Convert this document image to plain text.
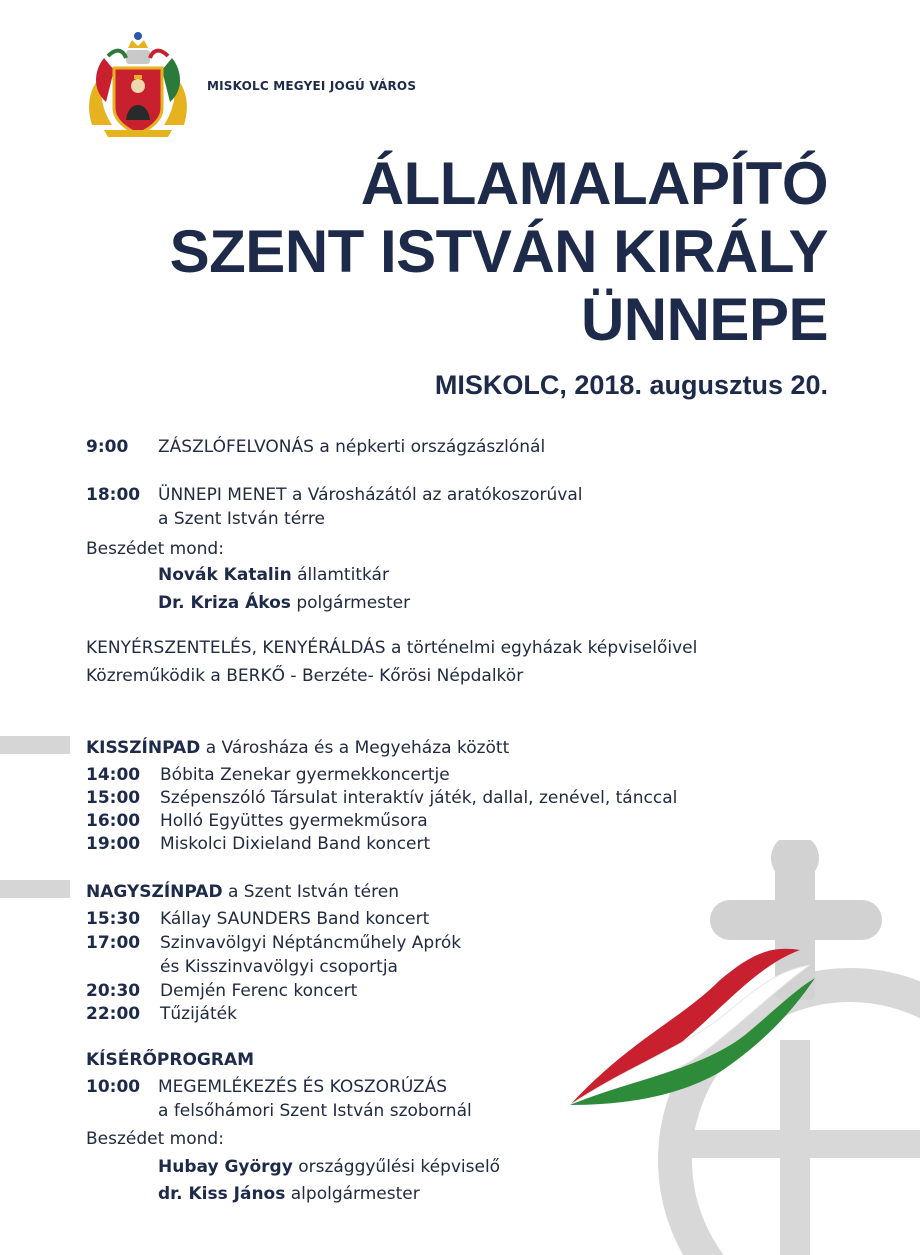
MISKOLC MEGYEI JOGÚ VÁROS
ÁLLAMALAPÍTÓ
SZENT ISTVÁN KIRÁLY
ÜNNEPE
MISKOLC, 2018. augusztus 20.
9:00 ZÁSZLÓFELVONÁS a népkerti országzászlónál
18:00 ÜNNEPI MENET a Városházától az aratókoszorúval
a Szent István térre
Beszédet mond:
Novák Katalin államtitkár
Dr. Kriza Ákos polgármester
KENYÉRSZENTELÉS, KENYÉRÁLDÁS a történelmi egyházak képviselőivel
Közreműködik a BERKŐ - Berzéte- Kőrösi Népdalkör
KISSZÍNPAD a Városháza és a Megyeháza között
14:00 Bóbita Zenekar gyermekkoncertje
15:00 Szépenszóló Társulat interaktív játék, dallal, zenével, tánccal
16:00 Holló Együttes gyermekműsora
19:00 Miskolci Dixieland Band koncert
NAGYSZÍNPAD a Szent István téren
15:30 Kállay SAUNDERS Band koncert
17:00 Szinvavölgyi Néptáncműhely Aprók
és Kisszinvavölgyi csoportja
20:30 Demjén Ferenc koncert
22:00 Tűzijáték
KÍSÉRŐPROGRAM
10:00 MEGEMLÉKEZÉS ÉS KOSZORÚZÁS
a felsőhámori Szent István szobornál
Beszédet mond:
Hubay György országgyűlési képviselő
dr. Kiss János alpolgármester
